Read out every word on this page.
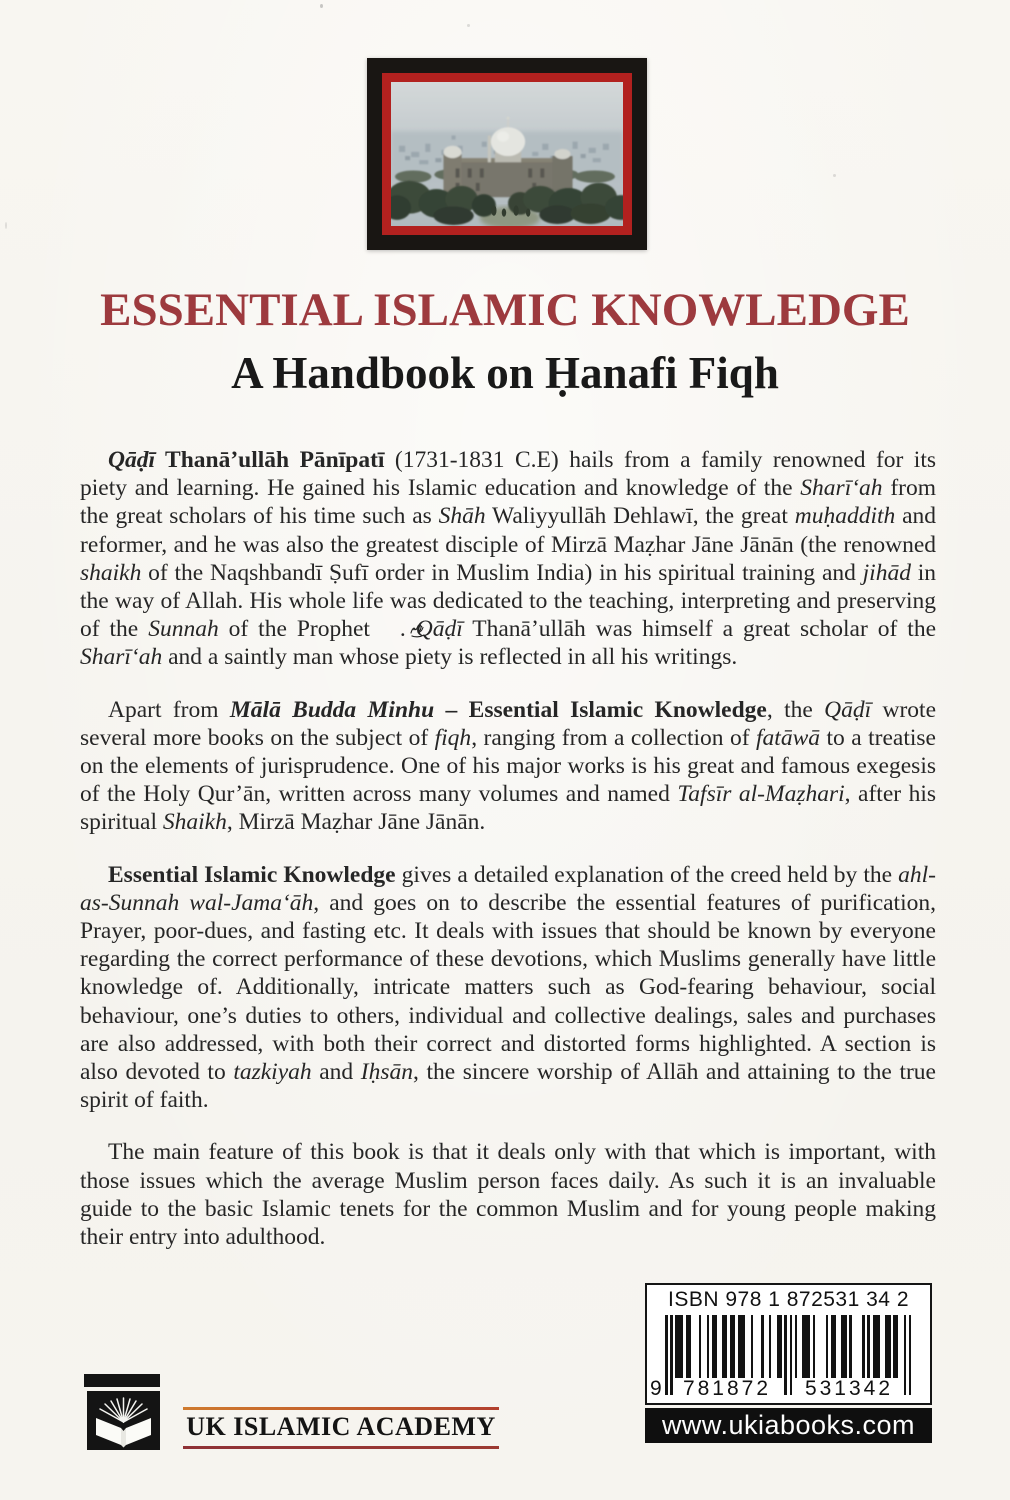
ESSENTIAL ISLAMIC KNOWLEDGE
A Handbook on Ḥanafi Fiqh

Qāḍī Thanā’ullāh Pānīpatī (1731-1831 C.E) hails from a family renowned for its piety and learning. He gained his Islamic education and knowledge of the Sharī‘ah from the great scholars of his time such as Shāh Waliyyullāh Dehlawī, the great muḥaddith and reformer, and he was also the greatest disciple of Mirzā Maẓhar Jāne Jānān (the renowned shaikh of the Naqshbandī Ṣufī order in Muslim India) in his spiritual training and jihād in the way of Allah. His whole life was dedicated to the teaching, interpreting and preserving of the Sunnah of the Prophet . Qāḍī Thanā’ullāh was himself a great scholar of the Sharī‘ah and a saintly man whose piety is reflected in all his writings.

Apart from Mālā Budda Minhu – Essential Islamic Knowledge, the Qāḍī wrote several more books on the subject of fiqh, ranging from a collection of fatāwā to a treatise on the elements of jurisprudence. One of his major works is his great and famous exegesis of the Holy Qur’ān, written across many volumes and named Tafsīr al-Maẓhari, after his spiritual Shaikh, Mirzā Maẓhar Jāne Jānān.

Essential Islamic Knowledge gives a detailed explanation of the creed held by the ahl-as-Sunnah wal-Jama‘āh, and goes on to describe the essential features of purification, Prayer, poor-dues, and fasting etc. It deals with issues that should be known by everyone regarding the correct performance of these devotions, which Muslims generally have little knowledge of. Additionally, intricate matters such as God-fearing behaviour, social behaviour, one’s duties to others, individual and collective dealings, sales and purchases are also addressed, with both their correct and distorted forms highlighted. A section is also devoted to tazkiyah and Iḥsān, the sincere worship of Allāh and attaining to the true spirit of faith.

The main feature of this book is that it deals only with that which is important, with those issues which the average Muslim person faces daily. As such it is an invaluable guide to the basic Islamic tenets for the common Muslim and for young people making their entry into adulthood.

ISBN 978 1 872531 34 2
9	781872	531342
www.ukiabooks.com
UK ISLAMIC ACADEMY
